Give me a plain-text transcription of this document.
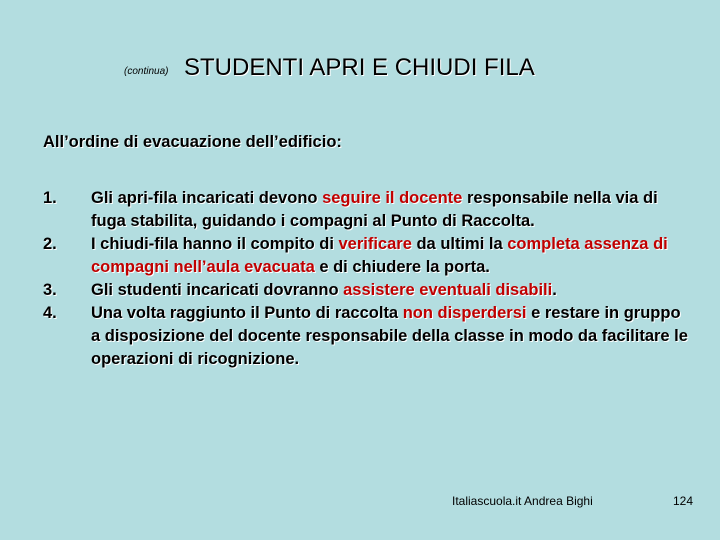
(continua) STUDENTI APRI E CHIUDI FILA
All’ordine di evacuazione dell’edificio:
1.	Gli apri-fila incaricati devono seguire il docente responsabile nella via di fuga stabilita, guidando i compagni al Punto di Raccolta.
2.	I chiudi-fila hanno il compito di verificare da ultimi la completa assenza di compagni nell’aula evacuata e di chiudere la porta.
3.	Gli studenti incaricati dovranno assistere eventuali disabili.
4.	Una volta raggiunto il Punto di raccolta non disperdersi e restare in gruppo a disposizione del docente responsabile della classe in modo da facilitare le operazioni di ricognizione.
Italiascuola.it Andrea Bighi	124
